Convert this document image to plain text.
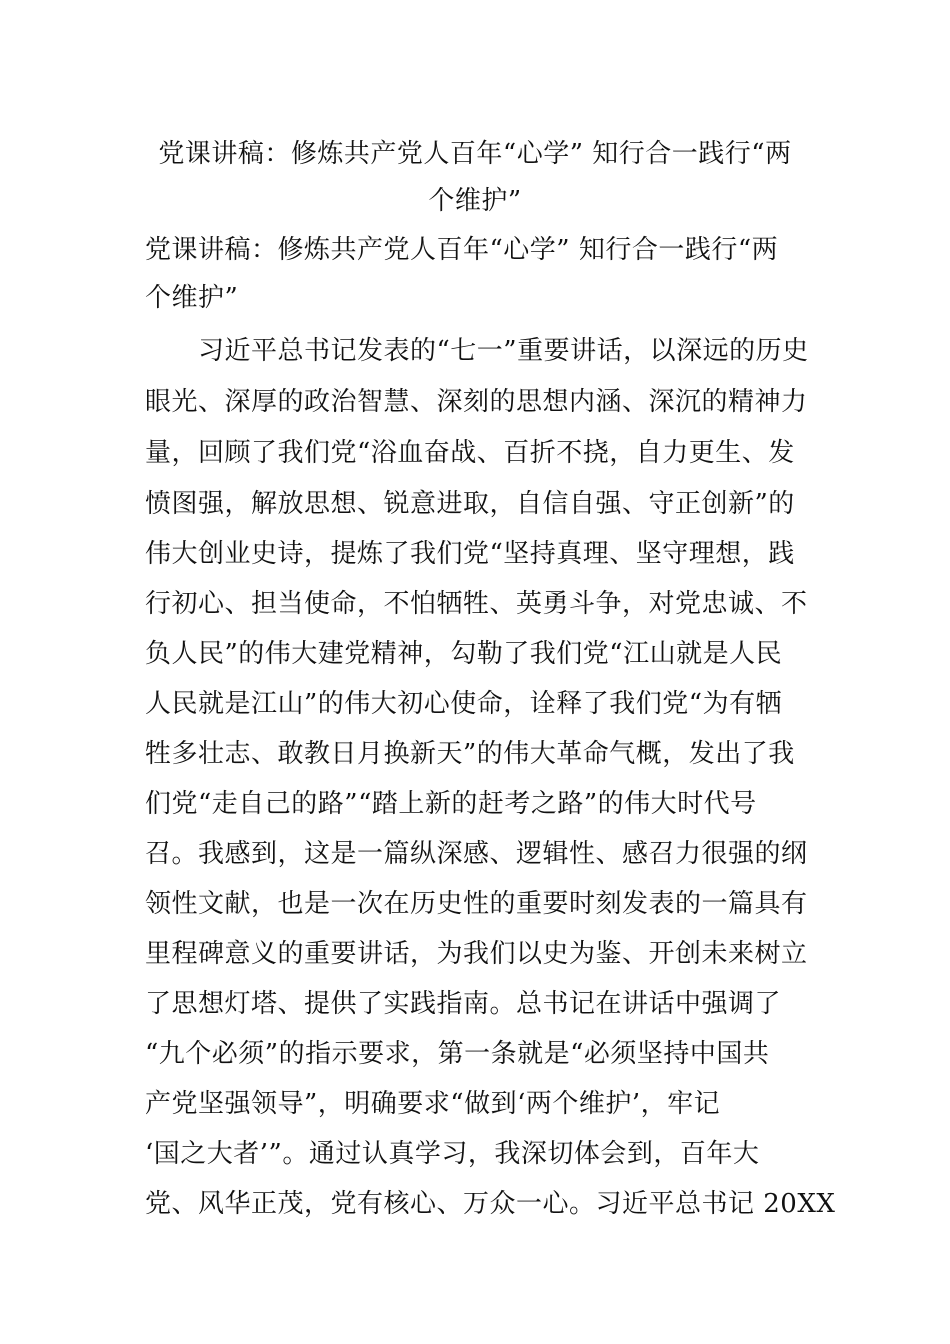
党课讲稿：修炼共产党人百年“心学” 知行合一践行“两
个维护”
党课讲稿：修炼共产党人百年“心学” 知行合一践行“两
个维护”
　　习近平总书记发表的“七一”重要讲话，以深远的历史
眼光、深厚的政治智慧、深刻的思想内涵、深沉的精神力
量，回顾了我们党“浴血奋战、百折不挠，自力更生、发
愤图强，解放思想、锐意进取，自信自强、守正创新”的
伟大创业史诗，提炼了我们党“坚持真理、坚守理想，践
行初心、担当使命，不怕牺牲、英勇斗争，对党忠诚、不
负人民”的伟大建党精神，勾勒了我们党“江山就是人民
人民就是江山”的伟大初心使命，诠释了我们党“为有牺
牲多壮志、敢教日月换新天”的伟大革命气概，发出了我
们党“走自己的路”“踏上新的赶考之路”的伟大时代号
召。我感到，这是一篇纵深感、逻辑性、感召力很强的纲
领性文献，也是一次在历史性的重要时刻发表的一篇具有
里程碑意义的重要讲话，为我们以史为鉴、开创未来树立
了思想灯塔、提供了实践指南。总书记在讲话中强调了
“九个必须”的指示要求，第一条就是“必须坚持中国共
产党坚强领导”，明确要求“做到‘两个维护’，牢记
‘国之大者’”。通过认真学习，我深切体会到，百年大
党、风华正茂，党有核心、万众一心。习近平总书记 20XX
